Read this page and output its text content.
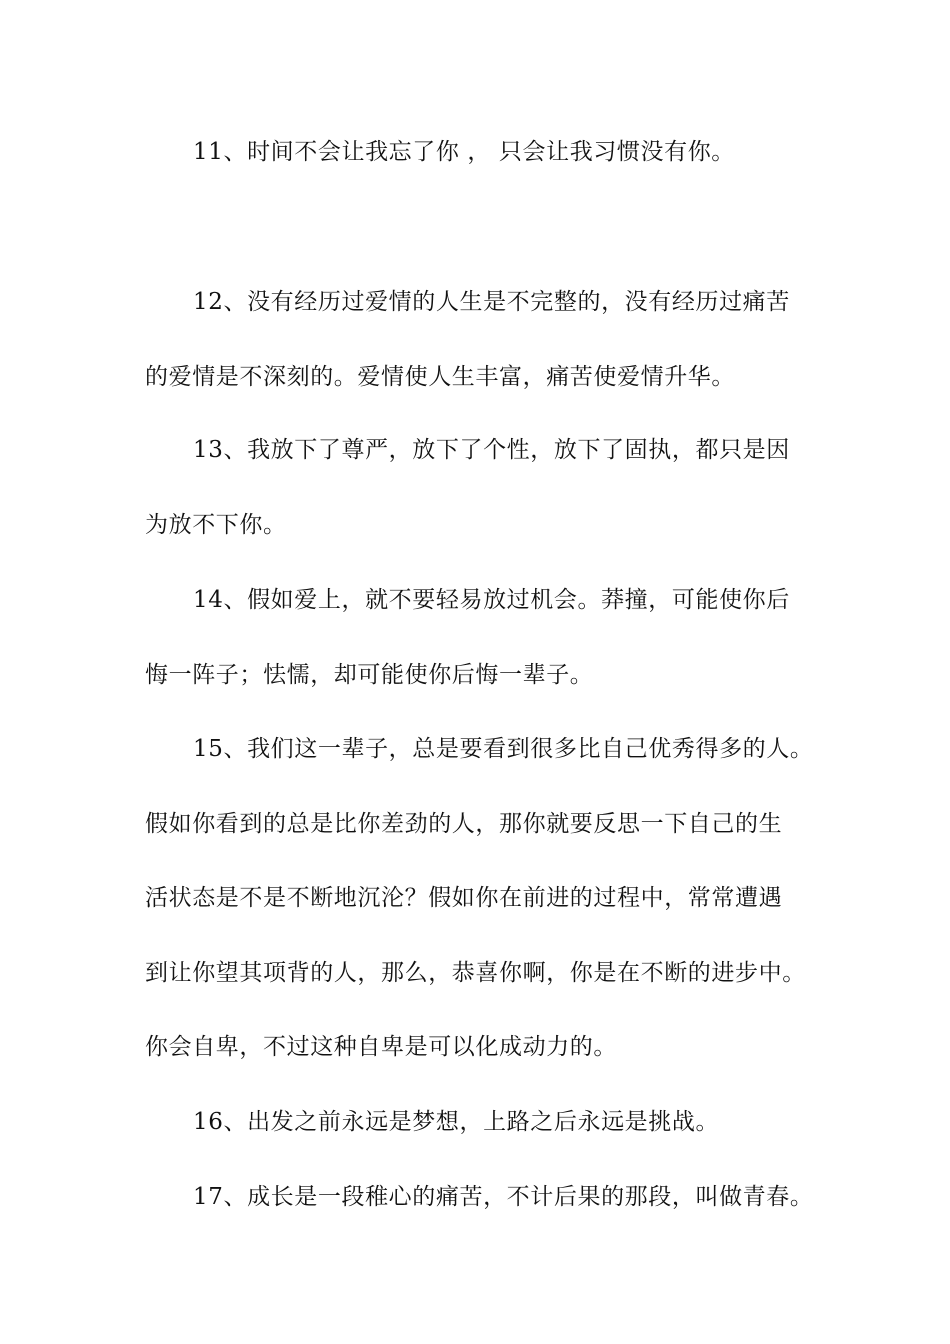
11、时间不会让我忘了你 ， 只会让我习惯没有你。
12、没有经历过爱情的人生是不完整的，没有经历过痛苦
的爱情是不深刻的。爱情使人生丰富，痛苦使爱情升华。
13、我放下了尊严，放下了个性，放下了固执，都只是因
为放不下你。
14、假如爱上，就不要轻易放过机会。莽撞，可能使你后
悔一阵子；怯懦，却可能使你后悔一辈子。
15、我们这一辈子，总是要看到很多比自己优秀得多的人。
假如你看到的总是比你差劲的人，那你就要反思一下自己的生
活状态是不是不断地沉沦？假如你在前进的过程中，常常遭遇
到让你望其项背的人，那么，恭喜你啊，你是在不断的进步中。
你会自卑，不过这种自卑是可以化成动力的。
16、出发之前永远是梦想，上路之后永远是挑战。
17、成长是一段稚心的痛苦，不计后果的那段，叫做青春。
